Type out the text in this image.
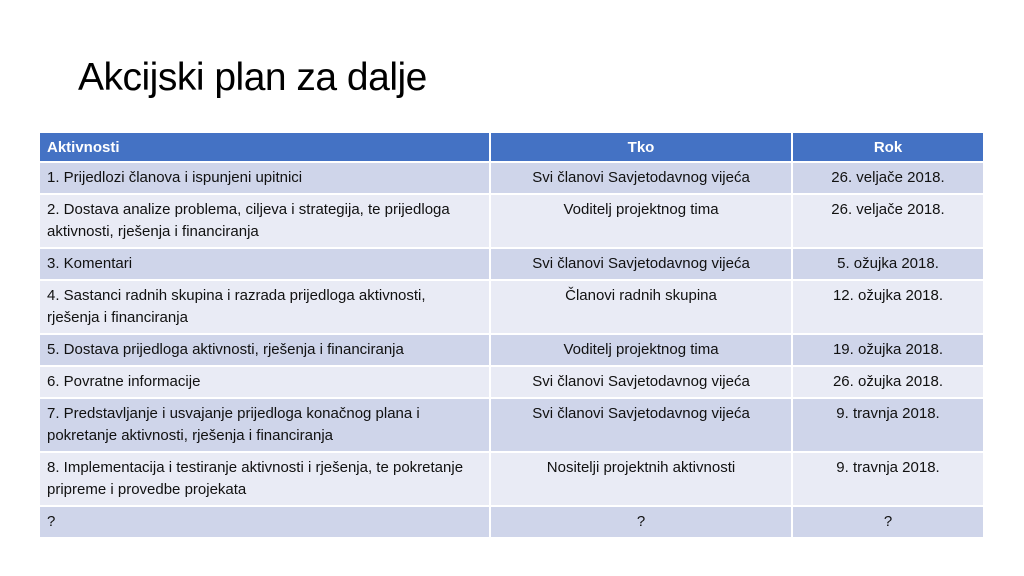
Akcijski plan za dalje
Aktivnosti	Tko	Rok
1. Prijedlozi članova i ispunjeni upitnici	Svi članovi Savjetodavnog vijeća	26. veljače 2018.
2. Dostava analize problema, ciljeva i strategija, te prijedloga aktivnosti, rješenja i financiranja	Voditelj projektnog tima	26. veljače 2018.
3. Komentari	Svi članovi Savjetodavnog vijeća	5. ožujka 2018.
4. Sastanci radnih skupina i razrada prijedloga aktivnosti, rješenja i financiranja	Članovi radnih skupina	12. ožujka 2018.
5. Dostava prijedloga aktivnosti, rješenja i financiranja	Voditelj projektnog tima	19. ožujka 2018.
6. Povratne informacije	Svi članovi Savjetodavnog vijeća	26. ožujka 2018.
7. Predstavljanje i usvajanje prijedloga konačnog plana i pokretanje aktivnosti, rješenja i financiranja	Svi članovi Savjetodavnog vijeća	9. travnja 2018.
8. Implementacija i testiranje aktivnosti i rješenja, te pokretanje pripreme i provedbe projekata	Nositelji projektnih aktivnosti	9. travnja 2018.
?	?	?
